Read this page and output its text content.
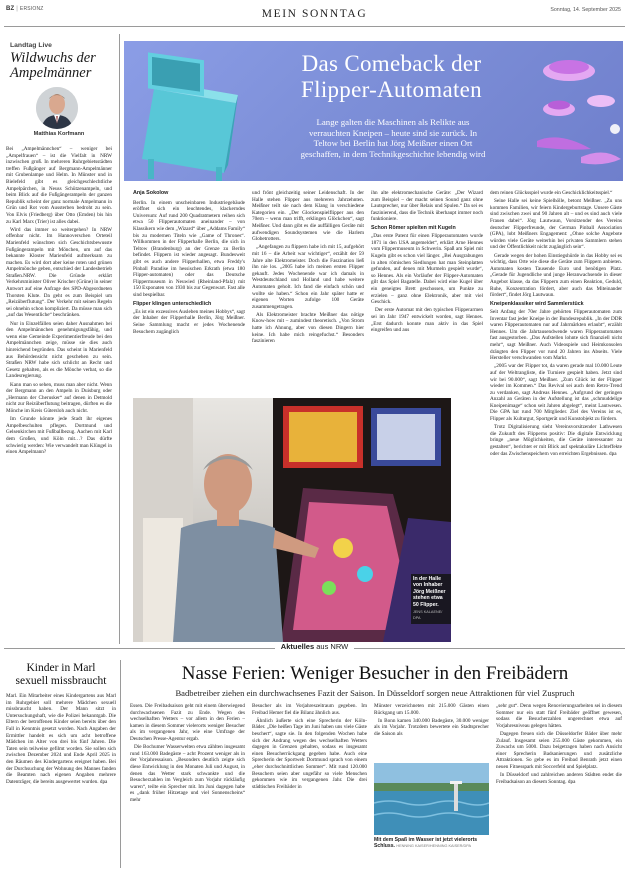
BZ | ERSIONZ	MEIN SONNTAG	Sonntag, 14. September 2025
Landtag Live
Wildwuchs der
Ampelmänner
Matthias Korfmann

Bei „Ampelmännchen“ – weniger bei „Ampelfrauen“ – ist die Vielfalt in NRW inzwischen groß. In mehreren Ruhrgebietsstädten treffen Fußgänger auf Bergmann-Ampelmänner mit Grubenlampe und Helm. In Münster und in Bielefeld gibt es gleichgeschlechtliche Ampelpärchen, in Neuss Schützenampeln, und beim Blick auf die Fußgängerampeln der ganzen Republik scheint der ganz normale Ampelmann in Grün und Rot vom Aussterben bedroht zu sein. Von Elvis (Friedberg) über Otto (Emden) bis hin zu Karl Marx (Trier) ist alles dabei.

Wird das immer so weitergehen? In NRW offenbar nicht. Im Hannoverschen Orteteil Marienfeld wünschten sich Geschichtsbewusste Fußgängerampeln mit Mönchen, um auf das bekannte Kloster Marienfeld aufmerksam zu machen. Es wird dort aber keine roten und grünen Ampelmönche geben, entschied der Landesbetrieb Straßen.NRW. Die Gründe erklärt Verkehrsminister Oliver Krischer (Grüne) in seiner Antwort auf eine Anfrage des SPD-Abgeordneten Thorsten Klute. Da geht es zum Beispiel um „Reizüberflutung“. Der Verkehr mit seinen Regeln sei ohnehin schon kompliziert. Da müsse man sich „auf das Wesentliche“ beschränken.

Nur in Einzelfällen seien daher Ausnahmen bei den Ampelmännchen genehmigungsfähig, und wenn eine Gemeinde Experimentierfreude bei den Ampelmännchen zeige, müsse sie dies auch hinreichend begründen. Das scheint in Marienfeld aus Behördensicht nicht geschehen zu sein. Straßen NRW habe sich schlicht an Recht und Gesetz gehalten, als es die Mönche verbat, so die Landesregierung.

Kann man so sehen, muss man aber nicht. Wenn der Bergmann an den Ampeln in Duisburg oder „Hermann der Cherusker“ auf denen in Detmold nicht zur Reizüberflutung beitragen, dürften es die Mönche im Kreis Gütersloh auch nicht.

Im Grunde könnte jede Stadt ihr eigenes Ampelbeschulten pflegen. Dortmund und Gelsenkirchen mit Fußballbezug. Aachen mit Karl dem Großen, und Köln mit…? Das dürfte schwierig werden: Wie verwandelt man Klüngel in einen Ampelmann?

Das Comeback der
Flipper-Automaten
Lange galten die Maschinen als Relikte aus
verrauchten Kneipen – heute sind sie zurück. In
Teltow bei Berlin hat Jörg Meißner einen Ort
geschaffen, in dem Technikgeschichte lebendig wird
Anja Sokolow

Berlin. In einem unscheinbaren Industriegebäude eröffnet sich ein leuchtendes, klackerndes Universum: Auf rund 200 Quadratmetern reihen sich etwa 50 Flipperautomaten aneinander – von Klassikern wie dem „Wizard“ über „Addams Family“ bis zu modernen Titeln wie „Game of Thrones“. Willkommen in der Flipperhalle Berlin, die sich in Teltow (Brandenburg) an der Grenze zu Berlin befindet. Flippern ist wieder angesagt. Bundesweit gibt es auch andere Flipperhallen, etwa Freddy's Pinball Paradise im hessischen Erkrath (etwa 180 Flipper-automaten) oder das Deutsche Flippermuseum in Neuwied (Rheinland-Pfalz) mit 150 Exponaten von 1930 bis zur Gegenwart. Fast alle sind bespielbar.

Flipper klingen unterschiedlich

„Es ist ein exzessives Ausleben meines Hobbys“, sagt der Inhaber der Flipperhalle Berlin, Jörg Meißner. Seine Sammlung macht er jedes Wochenende Besuchern zugänglich

und frönt gleichzeitig seiner Leidenschaft. In der Halle stehen Flipper aus mehreren Jahrzehnten. Meißner teilt sie nach dem Klang in verschiedene Kategorien ein. „Der Glockenspielflipper aus den 70ern – wenn man trifft, erklingen Glöckchen“, sagt Meißner. Und dann gibt es die auffälligen Geräte mit aufwendigen Soundsystemen wie die Harlem Globetrotters.

„Angefangen zu flippern habe ich mit 15, aufgehört mit 16 – die Arbeit war wichtiger“, erzählt der 59 Jahre alte Elektromeister. Doch die Faszination ließ ihn nie los. „2005 habe ich meinen ersten Flipper gekauft. Jedes Wochenende war ich damals in Westdeutschland und Holland und habe weitere Automaten geholt. Ich fand die einfach schön und wollte sie haben.“ Schon ein Jahr später hatte er eigenen Worten zufolge 100 Geräte zusammengetragen.

Als Elektromeister brachte Meißner das nötige Know-how mit – zumindest theoretisch. „Von Strom hatte ich Ahnung, aber von diesen Dingern hier keine. Ich habe mich reingefuchst.“ Besonders faszinieren

ihn alte elektromechanische Geräte: „Der Wizard zum Beispiel – der macht seinen Sound ganz ohne Lautsprecher, nur über Relais und Spulen.“ Da sei es faszinierend, dass die Technik überhaupt immer noch funktioniere.

Schon Römer spielten mit Kugeln

„Das erste Patent für einen Flipperautomaten wurde 1871 in den USA angemeldet“, erklärt Arne Hennes vom Flippermuseum in Schwerin. Spaß am Spiel mit Kugeln gibt es schon viel länger. „Bei Ausgrabungen in alten römischen Siedlungen hat man Steinplatten gefunden, auf denen mit Murmeln gespielt wurde“, so Hennes. Als ein Vorläufer der Flipper-Automaten gilt das Spiel Bagatelle. Dabei wird eine Kugel über ein geneigtes Brett geschossen, um Punkte zu erzielen – ganz ohne Elektronik, aber mit viel Geschick.

Der erste Automat mit den typischen Flipperarmen sei im Jahr 1947 entwickelt worden, sagt Hennes. „Erst dadurch konnte man aktiv in das Spiel eingreifen und aus

dem reinen Glücksspiel wurde ein Geschicklichkeitsspiel.“

Seine Halle sei keine Spielhölle, betont Meißner. „Zu uns kommen Familien, wir feiern Kindergeburtstage. Unsere Gäste sind zwischen zwei und 90 Jahren alt – und es sind auch viele Frauen dabei“. Jörg Lautwaun, Vorsitzender des Vereins deutscher Flipperfreunde, der German Pinball Association (GPA), lobt Meißners Engagement: „Ohne solche Angebote würden viele Geräte weiterhin bei privaten Sammlern stehen und der Öffentlichkeit nicht zugänglich sein“.

Gerade wegen der hohen Einstiegshürde in das Hobby sei es wichtig, dass Orte wie diese die Geräte zum Flippern anbieten. Automaten kosten Tausende Euro und benötigen Platz. „Gerade für Jugendliche und junge Heranwachsende in dieser Angebot klasse, da das Flippern zum einen Reaktion, Geduld, Ruhe, Konzentration fördert, aber auch das Miteinander fördert“, findet Jörg Lautwaun.

Kneipenklassiker wird Sammlerstück

Seit Anfang der 70er Jahre gehörten Flipperautomaten zum Inventar fast jeder Kneipe in der Bundesrepublik. „In der DDR waren Flipperautomaten nur auf Jahrmärkten erlaubt“, erzählt Hennes. Um die Jahrtausendwende waren Flipperautomaten fast ausgestorben. „Das Aufstellen lohnte sich finanziell nicht mehr“, sagt Meißner. Auch Videospiele und Heimkonsolen drängten den Flipper vor rund 20 Jahren ins Abseits. Viele Hersteller verschwanden vom Markt.

„2005 war der Flipper tot, da waren gerade mal 10.000 Leute auf der Weltrangliste, die Turniere gespielt haben. Jetzt sind wir bei 90.000“, sagt Meißner. „Zum Glück ist der Flipper wieder im Kommen.“ Das Revival sei auch dem Retro-Trend zu verdanken, sagt Andreas Hennes. „Aufgrund der geringen Anzahl an Geräten in der Aufstellung ist das „schmuddelige Kneipenimage“ schon seit Jahren abgelegt“, meint Lautwesen. Die GPA hat rund 700 Mitglieder. Ziel des Vereins ist es, Flipper als Kulturgut, Sportgerät und Kunstobjekt zu fördern.

Trotz Digitalisierung sieht Vereinsvorsitzender Lathwesen die Zukunft des Flipperns positiv: Die digitale Entwicklung bringe „neue Möglichkeiten, die Geräte interessanter zu gestalten“, berichtet er mit Blick auf spektakuläre Lichteffekte oder das Zwischenspeichern von erreichten Ergebnissen. dpa

In der Halle von Inhaber Jörg Meißner stehen etwa 50 Flipper.
JENS KALAENE/ DPA
Aktuelles aus NRW
Kinder in Marl
sexuell missbraucht

Marl. Ein Mitarbeiter eines Kindergartens aus Marl im Ruhrgebiet soll mehrere Mädchen sexuell missbraucht haben. Der Mann sitzt in Untersuchungshaft, wie die Polizei bekanntgab. Die Eltern der betroffenen Kinder seien bereits über den Fall in Kenntnis gesetzt worden. Nach Angaben der Ermittler handelt es sich um acht betroffene Mädchen im Alter von drei bis fünf Jahren. Die Taten sein teilweise gefilmt worden. Sie sollen sich zwischen Dezember 2024 und Ende April 2025 in den Räumen des Kindergartens ereignet haben. Bei der Durchsuchung der Wohnung des Mannes fanden die Beamten nach eigenen Angaben mehrere Datenträger, die bereits ausgewertet wurden. dpa

Nasse Ferien: Weniger Besucher in den Freibädern
Badbetreiber ziehen ein durchwachsenes Fazit der Saison. In Düsseldorf sorgen neue Attraktionen für viel Zuspruch

Essen. Die Freibadsaison geht mit einem überwiegend durchwachsenen Fazit zu Ende. Wegen des wechselhaften Wetters – vor allem in den Ferien – kamen in diesem Sommer vielerorts weniger Besucher als im vergangenen Jahr, wie eine Umfrage der Deutschen Presse-Agentur ergab.

Die Bochumer Wasserwelten etwa zählten insgesamt rund 163.000 Badegäste – acht Prozent weniger als in der Vorjahressaison. „Besonders deutlich zeigte sich diese Entwicklung in den Monaten Juli und August, in denen das Wetter stark schwankte und die Besucherzahlen im Vergleich zum Vorjahr rückläufig waren“, teilte ein Sprecher mit. Im Juni dagegen habe es „dank früher Hitzetage und viel Sonnenscheins“ mehr

Besucher als im Vorjahreszeitraum gegeben. Im Freibad Hemer fiel die Bilanz ähnlich aus.

Ähnlich äußerte sich eine Sprecherin der Köln-Bäder. „Die heißen Tage im Juni haben uns viele Gäste beschert“, sagte sie. In den folgenden Wochen habe sich der Andrang wegen des wechselhaften Wetters dagegen in Grenzen gehalten, sodass es insgesamt einen Besucherrückgang gegeben habe. Auch eine Sprecherin der Sportwelt Dortmund sprach von einem „eher durchschnittlichen Sommer“. Mit rund 120.000 Besuchern seien aber ungefähr so viele Menschen gekommen wie im vergangenen Jahr. Die drei städtischen Freibäder in

Münster verzeichneten mit 215.000 Gästen einen Rückgang um 15.000.

In Bonn kamen 340.000 Badegäste, 30.000 weniger als im Vorjahr. Trotzdem bewertete ein Stadtsprecher die Saison als

Mit dem Spaß im Wasser ist jetzt vielerorts Schluss. HENNING KAISER/HENNING KAISER/DPA

„sehr gut“. Denn wegen Renovierungsarbeiten sei in diesem Sommer nur ein statt fünf Freibäder geöffnet gewesen, sodass die Besucherzahlen ungerechnet etwa auf Vorjahresniveau gelegen hätten.

Dagegen freuen sich die Düsseldorfer Bäder über mehr Zulauf. Insgesamt seien 255.000 Gäste gekommen, ein Zuwachs um 5000. Dazu beigetragen haben nach Ansicht einer Sprecherin Badsanierungen und zusätzliche Attraktionen. So gebe es im Freibad Benrath jetzt einen neuen Fitnesspark mit Soccerfeld und Spielplatz.

In Düsseldorf und zahlreichen anderen Städten endet die Freibadsaison an diesem Sonntag. dpa
